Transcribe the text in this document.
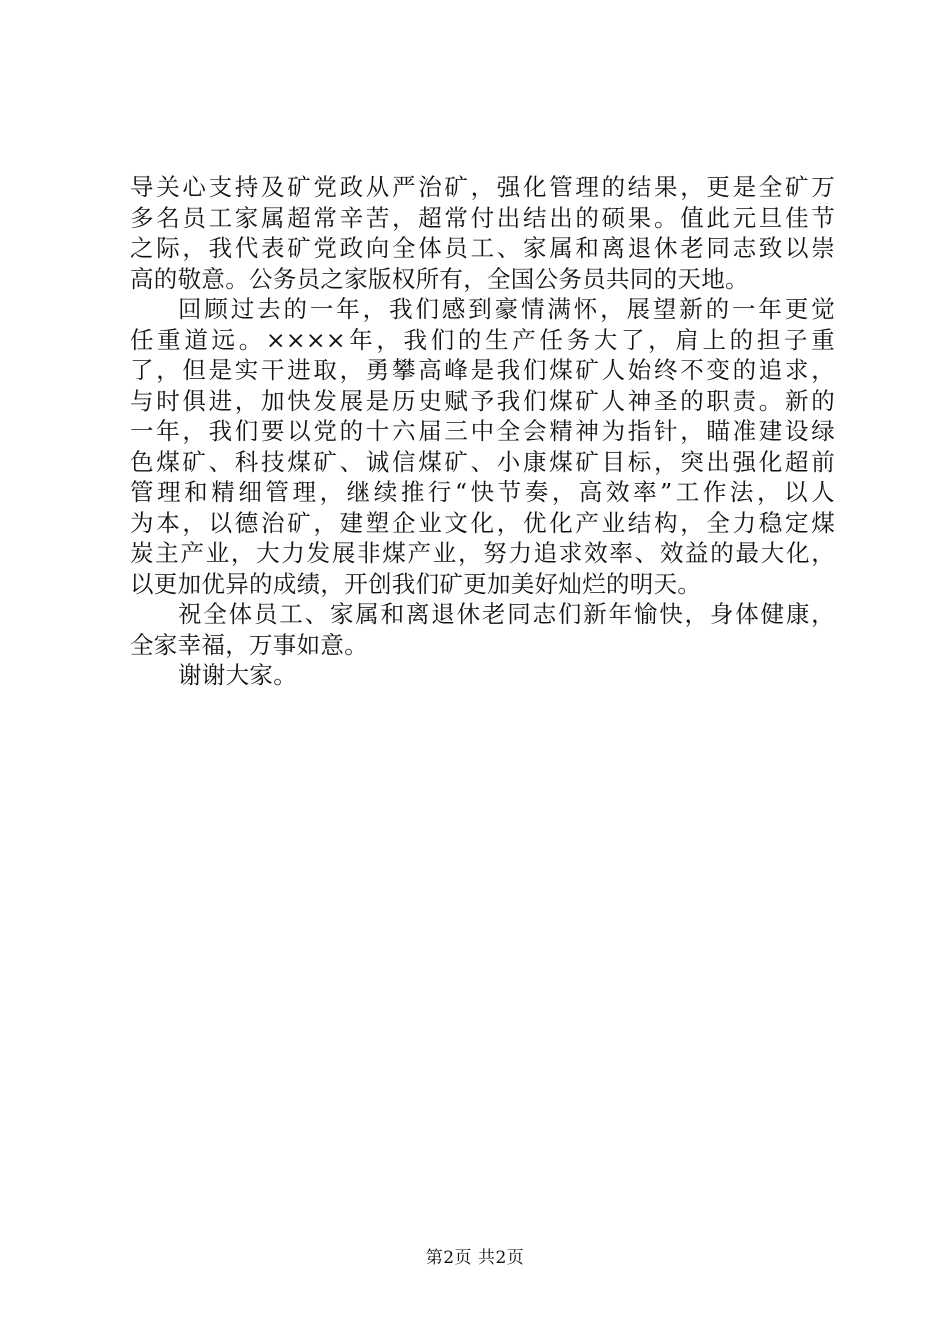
导关心支持及矿党政从严治矿，强化管理的结果，更是全矿万
多名员工家属超常辛苦，超常付出结出的硕果。值此元旦佳节
之际，我代表矿党政向全体员工、家属和离退休老同志致以崇
高的敬意。公务员之家版权所有，全国公务员共同的天地。

回顾过去的一年，我们感到豪情满怀，展望新的一年更觉
任重道远。××××年，我们的生产任务大了，肩上的担子重
了，但是实干进取，勇攀高峰是我们煤矿人始终不变的追求，
与时俱进，加快发展是历史赋予我们煤矿人神圣的职责。新的
一年，我们要以党的十六届三中全会精神为指针，瞄准建设绿
色煤矿、科技煤矿、诚信煤矿、小康煤矿目标，突出强化超前
管理和精细管理，继续推行“快节奏，高效率”工作法，以人
为本，以德治矿，建塑企业文化，优化产业结构，全力稳定煤
炭主产业，大力发展非煤产业，努力追求效率、效益的最大化，
以更加优异的成绩，开创我们矿更加美好灿烂的明天。

祝全体员工、家属和离退休老同志们新年愉快，身体健康，
全家幸福，万事如意。

谢谢大家。

第2页 共2页
